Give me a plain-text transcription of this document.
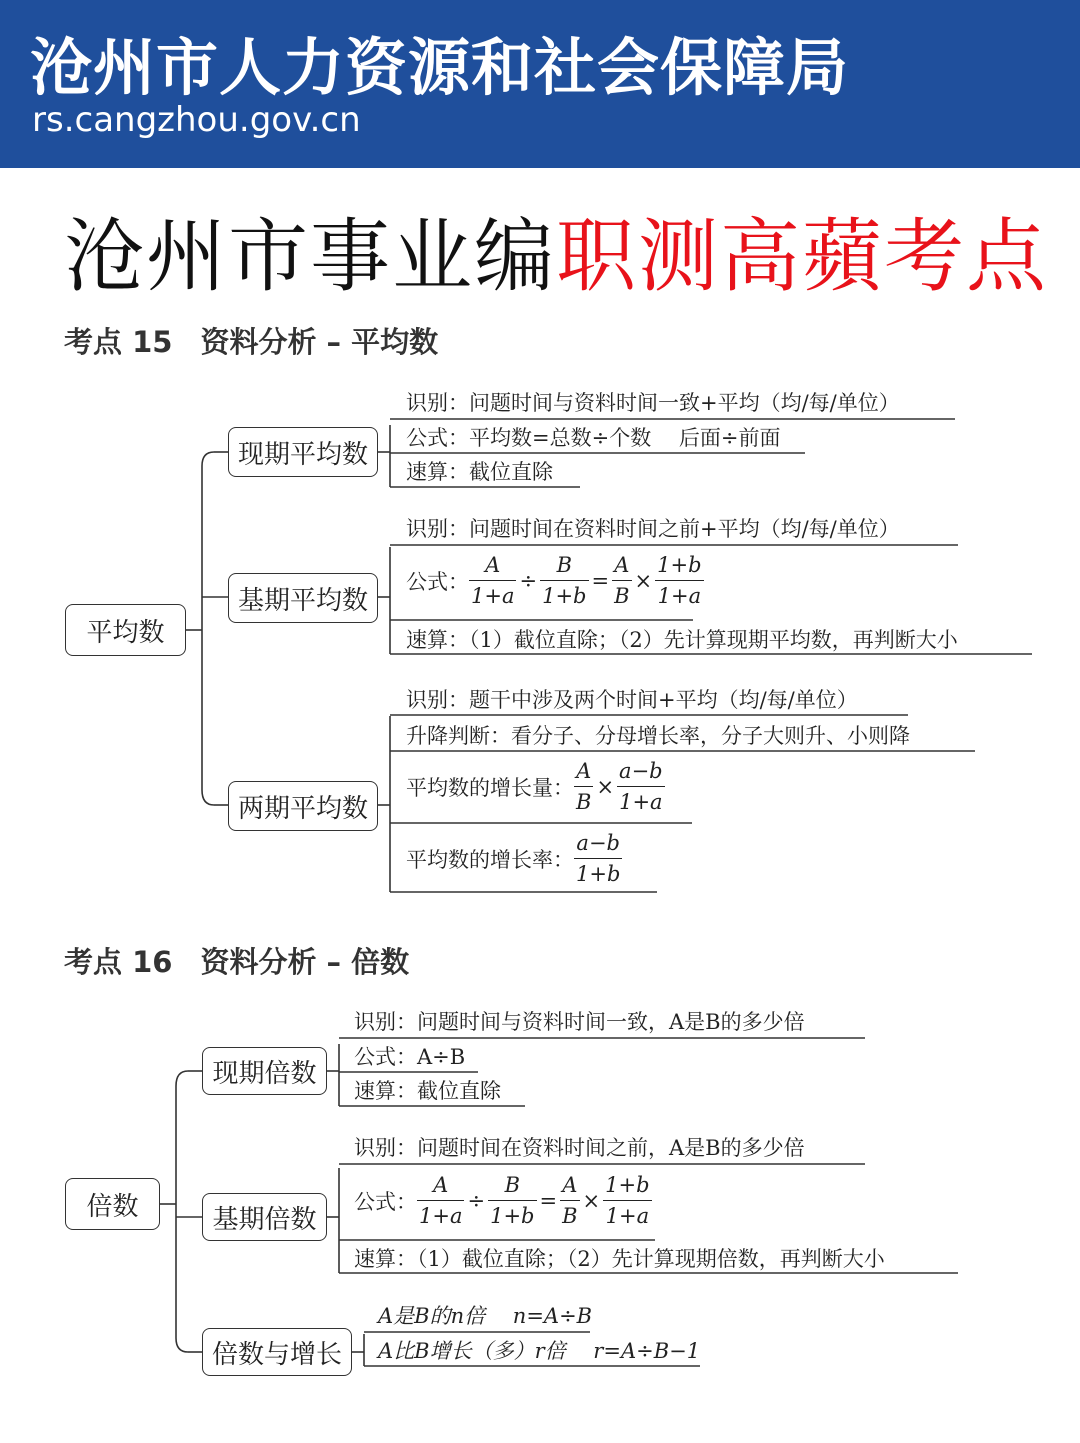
沧州市人力资源和社会保障局
rs.cangzhou.gov.cn
沧州市事业编职测高蘋考点
考点 15 资料分析 – 平均数
平均数
现期平均数
基期平均数
两期平均数
识别：问题时间与资料时间一致+平均（均/每/单位）
公式：平均数=总数÷个数　 后面÷前面
速算：截位直除
识别：问题时间在资料时间之前+平均（均/每/单位）
公式： $\frac{A}{1+a} \div \frac{B}{1+b} = \frac{A}{B} \times \frac{1+b}{1+a}$
速算：（1）截位直除；（2）先计算现期平均数，再判断大小
识别：题干中涉及两个时间+平均（均/每/单位）
升降判断：看分子、分母增长率，分子大则升、小则降
平均数的增长量： $\frac{A}{B} \times \frac{a-b}{1+a}$
平均数的增长率： $\frac{a-b}{1+b}$
考点 16 资料分析 – 倍数
倍数
现期倍数
基期倍数
倍数与增长
识别：问题时间与资料时间一致，A是B的多少倍
公式：A÷B
速算：截位直除
识别：问题时间在资料时间之前，A是B的多少倍
公式： $\frac{A}{1+a} \div \frac{B}{1+b} = \frac{A}{B} \times \frac{1+b}{1+a}$
速算：（1）截位直除；（2）先计算现期倍数，再判断大小
A是B的n倍　 n=A÷B
A比B增长（多）r倍　 r=A÷B−1
